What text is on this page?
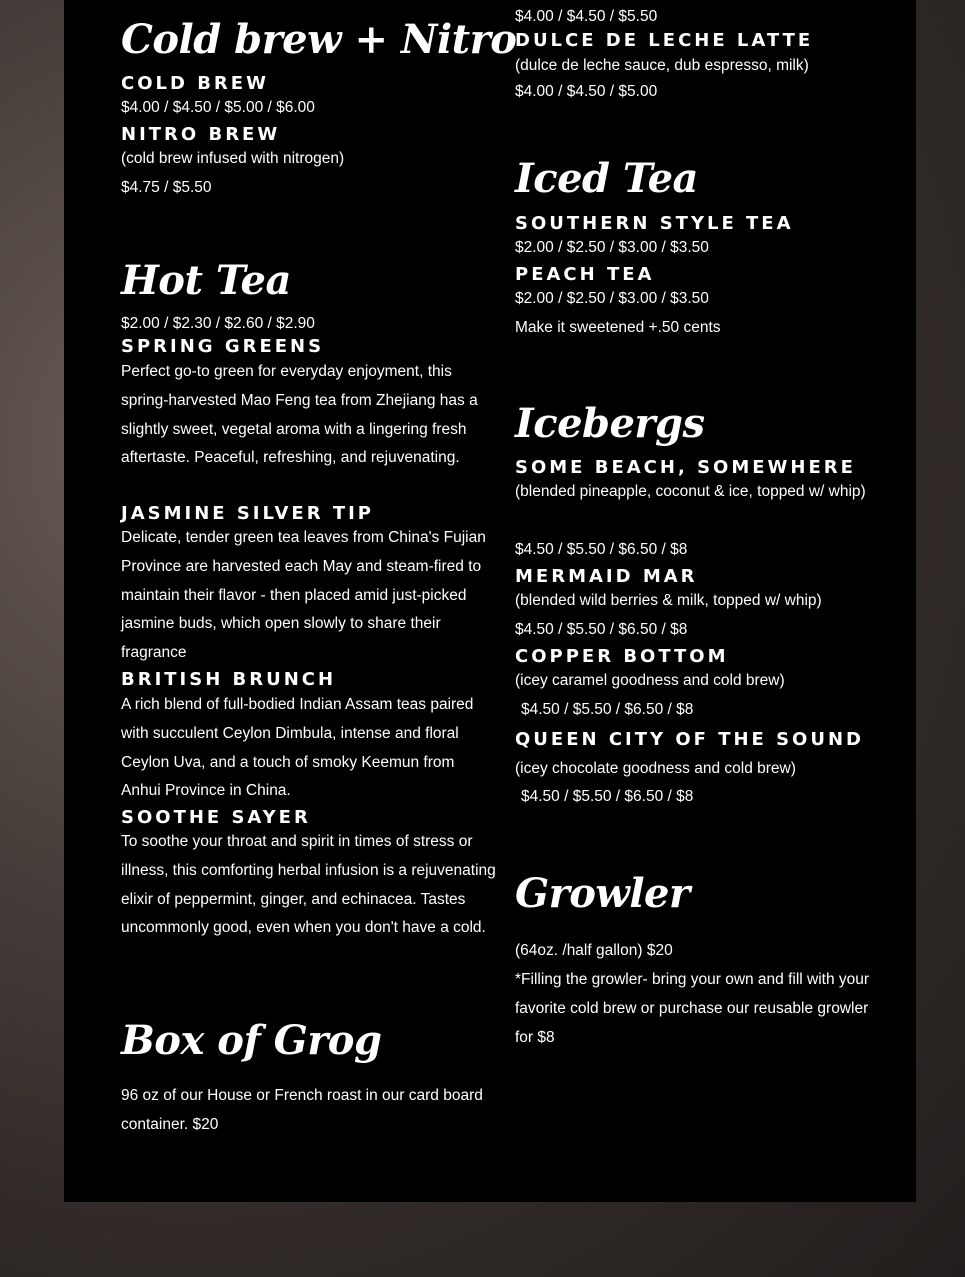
Cold brew + Nitro
COLD BREW
$4.00 / $4.50 / $5.00 / $6.00
NITRO BREW
(cold brew infused with nitrogen)
$4.75 / $5.50
Hot Tea
$2.00 / $2.30 / $2.60 / $2.90
SPRING GREENS
Perfect go-to green for everyday enjoyment, this spring-harvested Mao Feng tea from Zhejiang has a slightly sweet, vegetal aroma with a lingering fresh aftertaste. Peaceful, refreshing, and rejuvenating.
JASMINE SILVER TIP
Delicate, tender green tea leaves from China's Fujian Province are harvested each May and steam-fired to maintain their flavor - then placed amid just-picked jasmine buds, which open slowly to share their fragrance
BRITISH BRUNCH
A rich blend of full-bodied Indian Assam teas paired with succulent Ceylon Dimbula, intense and floral Ceylon Uva, and a touch of smoky Keemun from Anhui Province in China.
SOOTHE SAYER
To soothe your throat and spirit in times of stress or illness, this comforting herbal infusion is a rejuvenating elixir of peppermint, ginger, and echinacea. Tastes uncommonly good, even when you don't have a cold.
Box of Grog
96 oz of our House or French roast in our card board container. $20
$4.00 / $4.50 / $5.50
DULCE DE LECHE LATTE
(dulce de leche sauce, dub espresso, milk)
$4.00 / $4.50 / $5.00
Iced Tea
SOUTHERN STYLE TEA
$2.00 / $2.50 / $3.00 / $3.50
PEACH TEA
$2.00 / $2.50 / $3.00 / $3.50
Make it sweetened +.50 cents
Icebergs
SOME BEACH, SOMEWHERE
(blended pineapple, coconut & ice, topped w/ whip)
$4.50 / $5.50 / $6.50 / $8
MERMAID MAR
(blended wild berries & milk, topped w/ whip)
$4.50 / $5.50 / $6.50 / $8
COPPER BOTTOM
(icey caramel goodness and cold brew)
$4.50 / $5.50 / $6.50 / $8
QUEEN CITY OF THE SOUND
(icey chocolate goodness and cold brew)
$4.50 / $5.50 / $6.50 / $8
Growler
(64oz. /half gallon) $20
*Filling the growler- bring your own and fill with your favorite cold brew or purchase our reusable growler for $8
